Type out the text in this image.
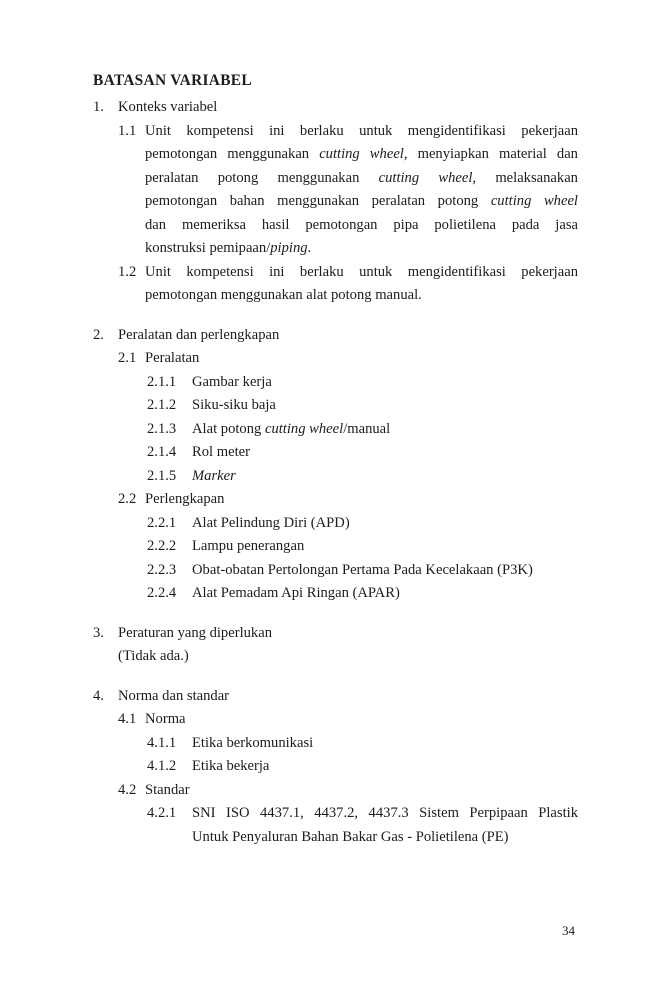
BATASAN VARIABEL
1. Konteks variabel
1.1 Unit kompetensi ini berlaku untuk mengidentifikasi pekerjaan
pemotongan menggunakan cutting wheel, menyiapkan material dan
peralatan potong menggunakan cutting wheel, melaksanakan
pemotongan bahan menggunakan peralatan potong cutting wheel
dan memeriksa hasil pemotongan pipa polietilena pada jasa
konstruksi pemipaan/piping.
1.2 Unit kompetensi ini berlaku untuk mengidentifikasi pekerjaan
pemotongan menggunakan alat potong manual.
2. Peralatan dan perlengkapan
2.1 Peralatan
2.1.1	Gambar kerja
2.1.2	Siku-siku baja
2.1.3	Alat potong cutting wheel/manual
2.1.4	Rol meter
2.1.5	Marker
2.2 Perlengkapan
2.2.1	Alat Pelindung Diri (APD)
2.2.2	Lampu penerangan
2.2.3	Obat-obatan Pertolongan Pertama Pada Kecelakaan (P3K)
2.2.4	Alat Pemadam Api Ringan (APAR)
3. Peraturan yang diperlukan
(Tidak ada.)
4. Norma dan standar
4.1 Norma
4.1.1	Etika berkomunikasi
4.1.2	Etika bekerja
4.2 Standar
4.2.1	SNI ISO 4437.1, 4437.2, 4437.3 Sistem Perpipaan Plastik
Untuk Penyaluran Bahan Bakar Gas - Polietilena (PE)
34
